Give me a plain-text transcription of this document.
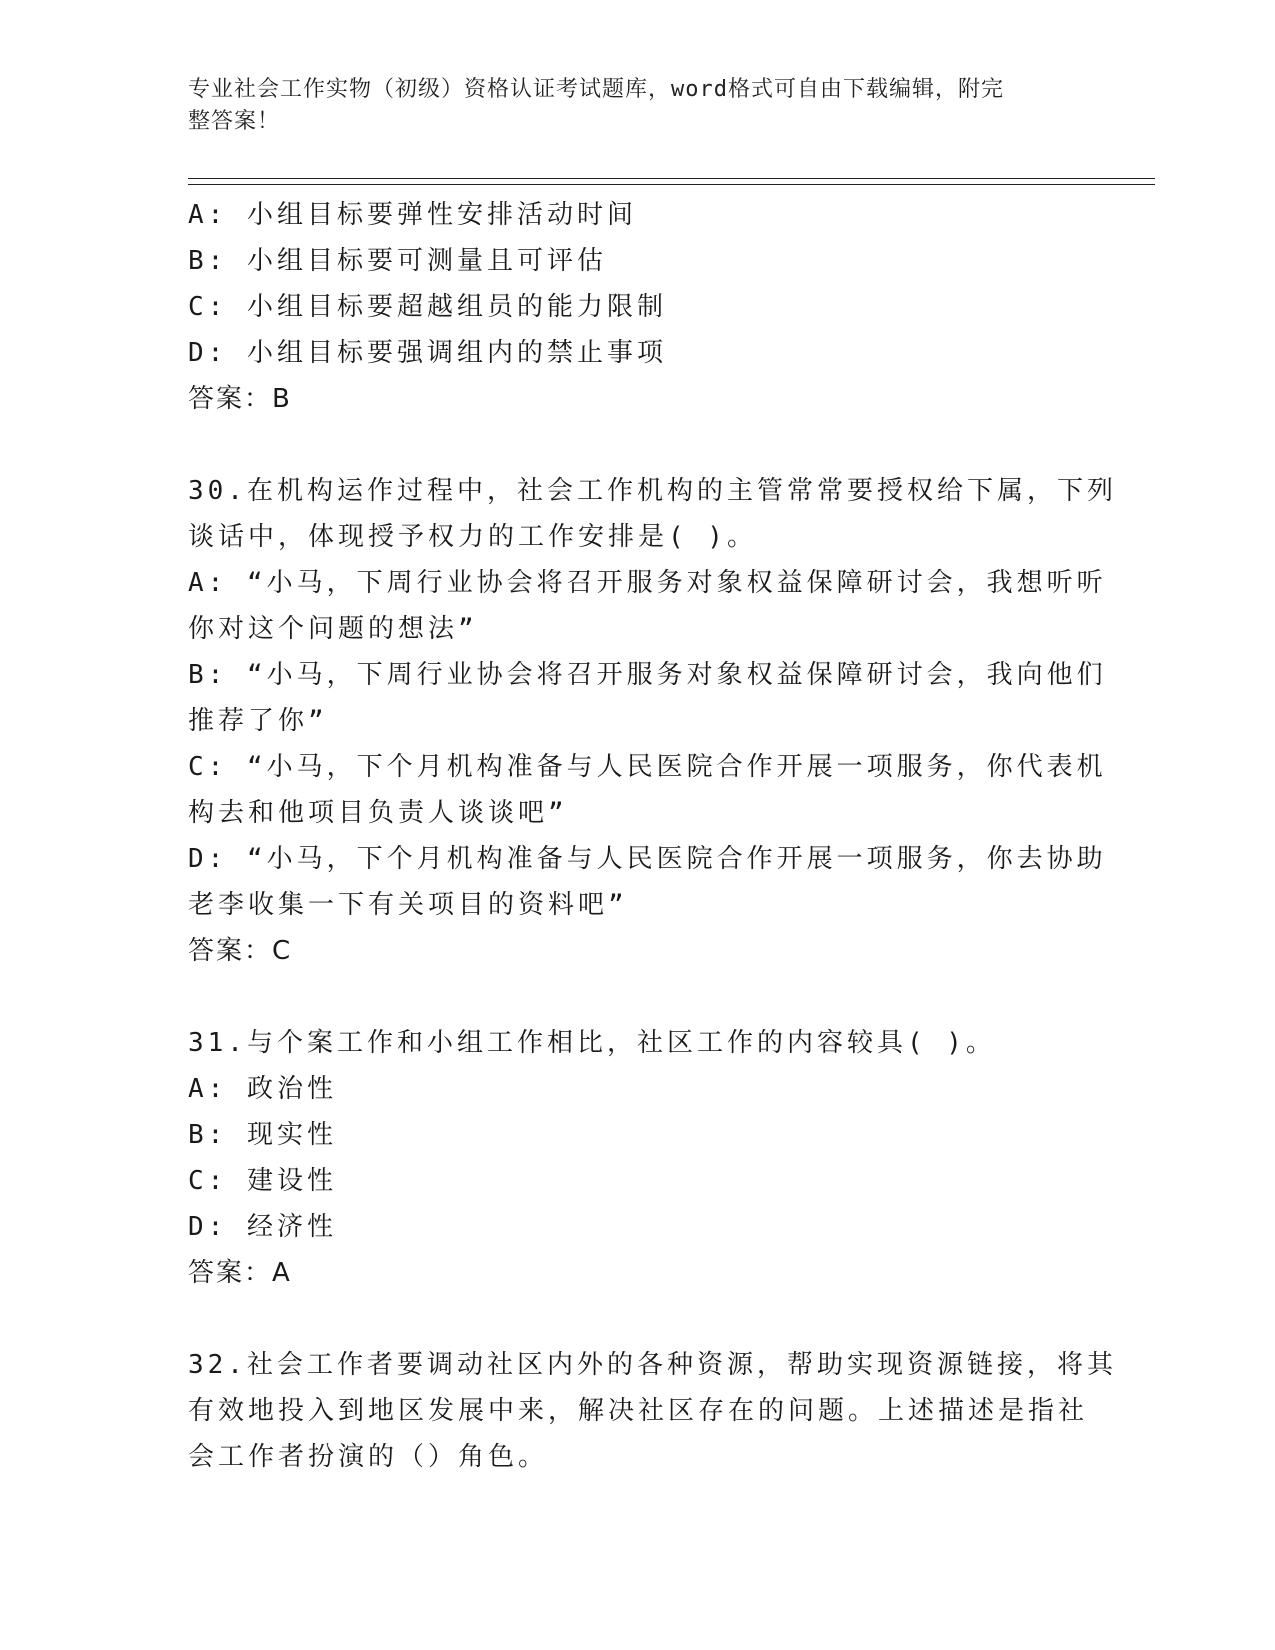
专业社会工作实物（初级）资格认证考试题库，word格式可自由下载编辑，附完
整答案！
A: 小组目标要弹性安排活动时间
B: 小组目标要可测量且可评估
C: 小组目标要超越组员的能力限制
D: 小组目标要强调组内的禁止事项
答案：B
30.在机构运作过程中，社会工作机构的主管常常要授权给下属，下列
谈话中，体现授予权力的工作安排是( )。
A: “小马，下周行业协会将召开服务对象权益保障研讨会，我想听听
你对这个问题的想法”
B: “小马，下周行业协会将召开服务对象权益保障研讨会，我向他们
推荐了你”
C: “小马，下个月机构准备与人民医院合作开展一项服务，你代表机
构去和他项目负责人谈谈吧”
D: “小马，下个月机构准备与人民医院合作开展一项服务，你去协助
老李收集一下有关项目的资料吧”
答案：C
31.与个案工作和小组工作相比，社区工作的内容较具( )。
A: 政治性
B: 现实性
C: 建设性
D: 经济性
答案：A
32.社会工作者要调动社区内外的各种资源，帮助实现资源链接，将其
有效地投入到地区发展中来，解决社区存在的问题。上述描述是指社
会工作者扮演的（）角色。
